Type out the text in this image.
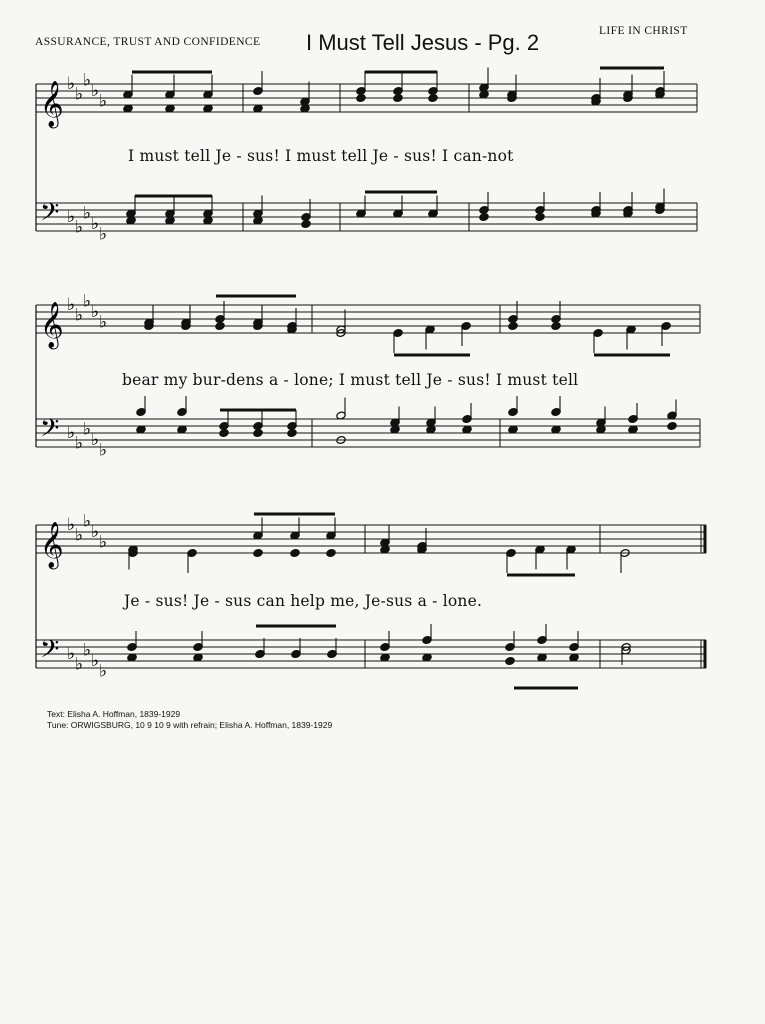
ASSURANCE, TRUST AND CONFIDENCE I Must Tell Jesus - Pg. 2	LIFE IN CHRIST
𝄞 ♭
♭
♭
♭
♭
𝄢 ♭
♭
♭
♭
♭
𝄞 ♭
♭
♭
♭
♭
𝄢 ♭
♭
♭
♭
♭
𝄞 ♭
♭
♭
♭
♭
𝄢 ♭
♭
♭
♭
♭
I must tell Je - sus! I must tell Je - sus! I can-not
bear my bur-dens a - lone; I must tell Je - sus! I must tell
Je - sus! Je - sus can help me, Je-sus a - lone.
Text: Elisha A. Hoffman, 1839-1929
Tune: ORWIGSBURG, 10 9 10 9 with refrain; Elisha A. Hoffman, 1839-1929
